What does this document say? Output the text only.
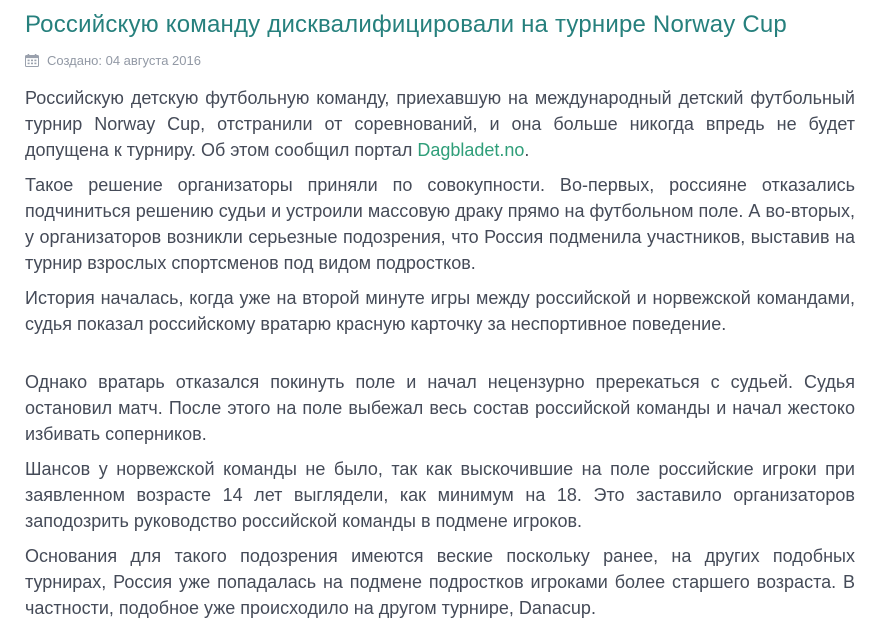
Российскую команду дисквалифицировали на турнире Norway Cup
Создано: 04 августа 2016

Российскую детскую футбольную команду, приехавшую на международный детский футбольный турнир Norway Cup, отстранили от соревнований, и она больше никогда впредь не будет допущена к турниру. Об этом сообщил портал Dagbladet.no.

Такое решение организаторы приняли по совокупности. Во-первых, россияне отказались подчиниться решению судьи и устроили массовую драку прямо на футбольном поле. А во-вторых, у организаторов возникли серьезные подозрения, что Россия подменила участников, выставив на турнир взрослых спортсменов под видом подростков.

История началась, когда уже на второй минуте игры между российской и норвежской командами, судья показал российскому вратарю красную карточку за неспортивное поведение.

Однако вратарь отказался покинуть поле и начал нецензурно пререкаться с судьей. Судья остановил матч. После этого на поле выбежал весь состав российской команды и начал жестоко избивать соперников.

Шансов у норвежской команды не было, так как выскочившие на поле российские игроки при заявленном возрасте 14 лет выглядели, как минимум на 18. Это заставило организаторов заподозрить руководство российской команды в подмене игроков.

Основания для такого подозрения имеются веские поскольку ранее, на других подобных турнирах, Россия уже попадалась на подмене подростков игроками более старшего возраста. В частности, подобное уже происходило на другом турнире, Danacup.
